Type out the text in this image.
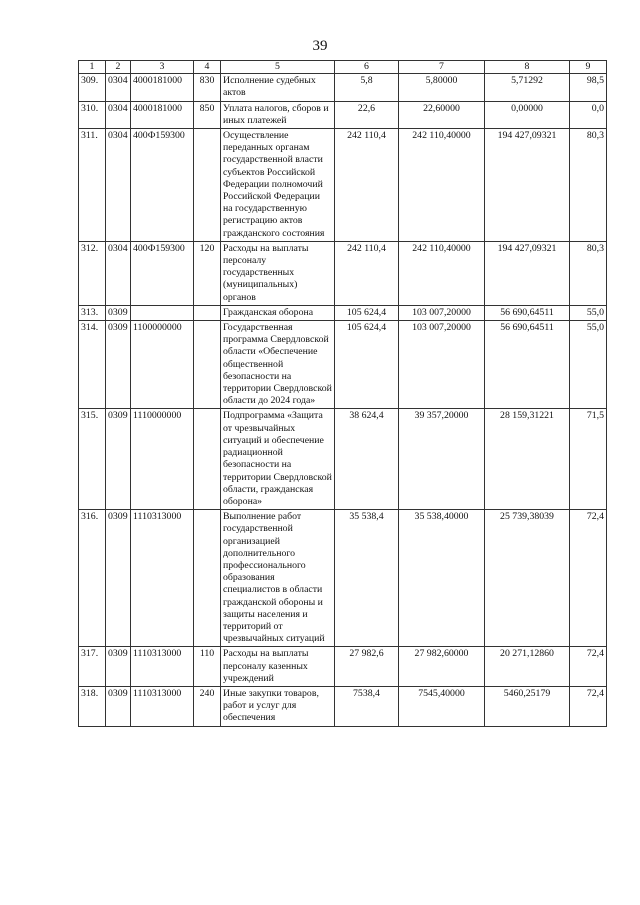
39
1	2	3	4	5	6	7	8	9
309.	0304	4000181000	830	Исполнение судебных актов	5,8	5,80000	5,71292	98,5
310.	0304	4000181000	850	Уплата налогов, сборов и иных платежей	22,6	22,60000	0,00000	0,0
311.	0304	400Ф159300		Осуществление переданных органам государственной власти субъектов Российской Федерации полномочий Российской Федерации на государственную регистрацию актов гражданского состояния	242 110,4	242 110,40000	194 427,09321	80,3
312.	0304	400Ф159300	120	Расходы на выплаты персоналу государственных (муниципальных) органов	242 110,4	242 110,40000	194 427,09321	80,3
313.	0309			Гражданская оборона	105 624,4	103 007,20000	56 690,64511	55,0
314.	0309	1100000000		Государственная программа Свердловской области «Обеспечение общественной безопасности на территории Свердловской области до 2024 года»	105 624,4	103 007,20000	56 690,64511	55,0
315.	0309	1110000000		Подпрограмма «Защита от чрезвычайных ситуаций и обеспечение радиационной безопасности на территории Свердловской области, гражданская оборона»	38 624,4	39 357,20000	28 159,31221	71,5
316.	0309	1110313000		Выполнение работ государственной организацией дополнительного профессионального образования специалистов в области гражданской обороны и защиты населения и территорий от чрезвычайных ситуаций	35 538,4	35 538,40000	25 739,38039	72,4
317.	0309	1110313000	110	Расходы на выплаты персоналу казенных учреждений	27 982,6	27 982,60000	20 271,12860	72,4
318.	0309	1110313000	240	Иные закупки товаров, работ и услуг для обеспечения	7538,4	7545,40000	5460,25179	72,4
